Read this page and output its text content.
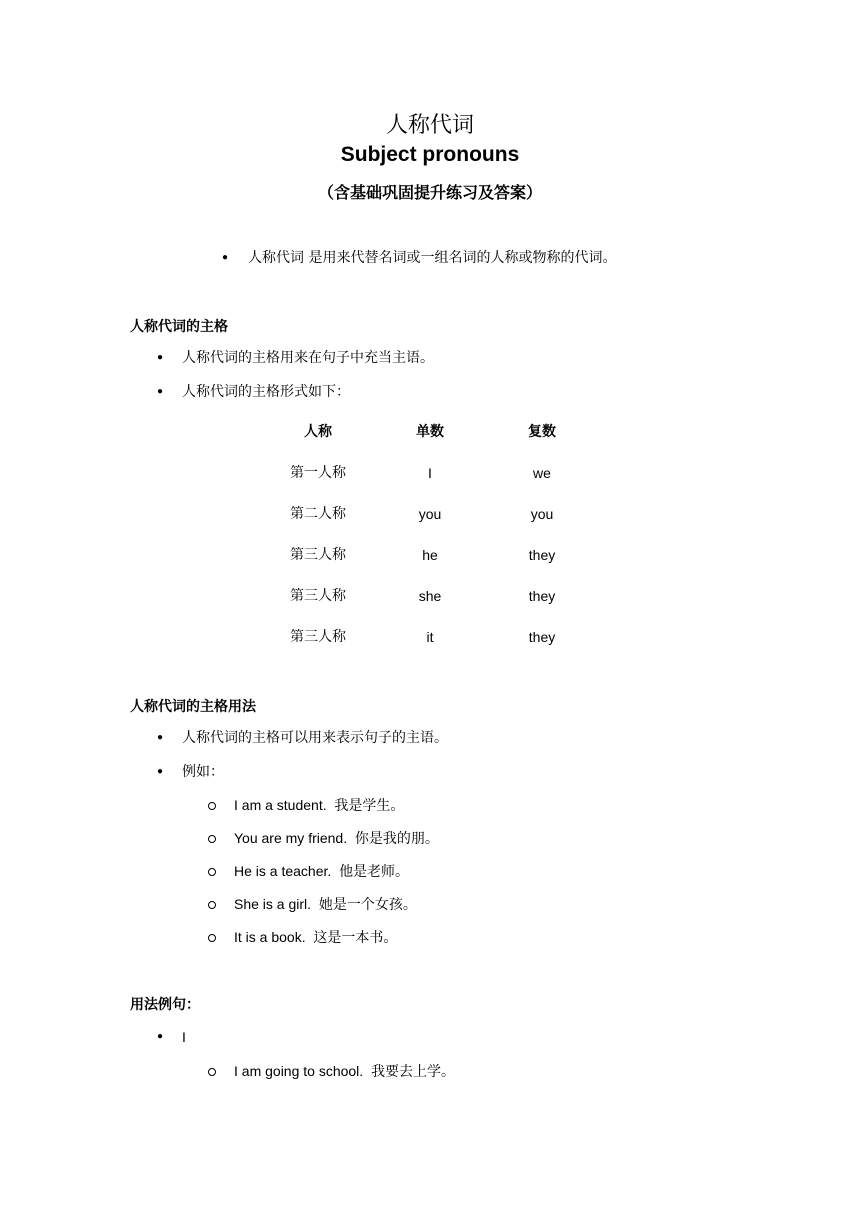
人称代词
Subject pronouns
（含基础巩固提升练习及答案）
● 人称代词 是用来代替名词或一组名词的人称或物称的代词。
人称代词的主格
● 人称代词的主格用来在句子中充当主语。
● 人称代词的主格形式如下：
人称	单数	复数
第一人称	I	we
第二人称	you	you
第三人称	he	they
第三人称	she	they
第三人称	it	they
人称代词的主格用法
● 人称代词的主格可以用来表示句子的主语。
● 例如：
I am a student. 我是学生。
You are my friend. 你是我的朋。
He is a teacher. 他是老师。
She is a girl. 她是一个女孩。
It is a book. 这是一本书。
用法例句：
● I
I am going to school. 我要去上学。
